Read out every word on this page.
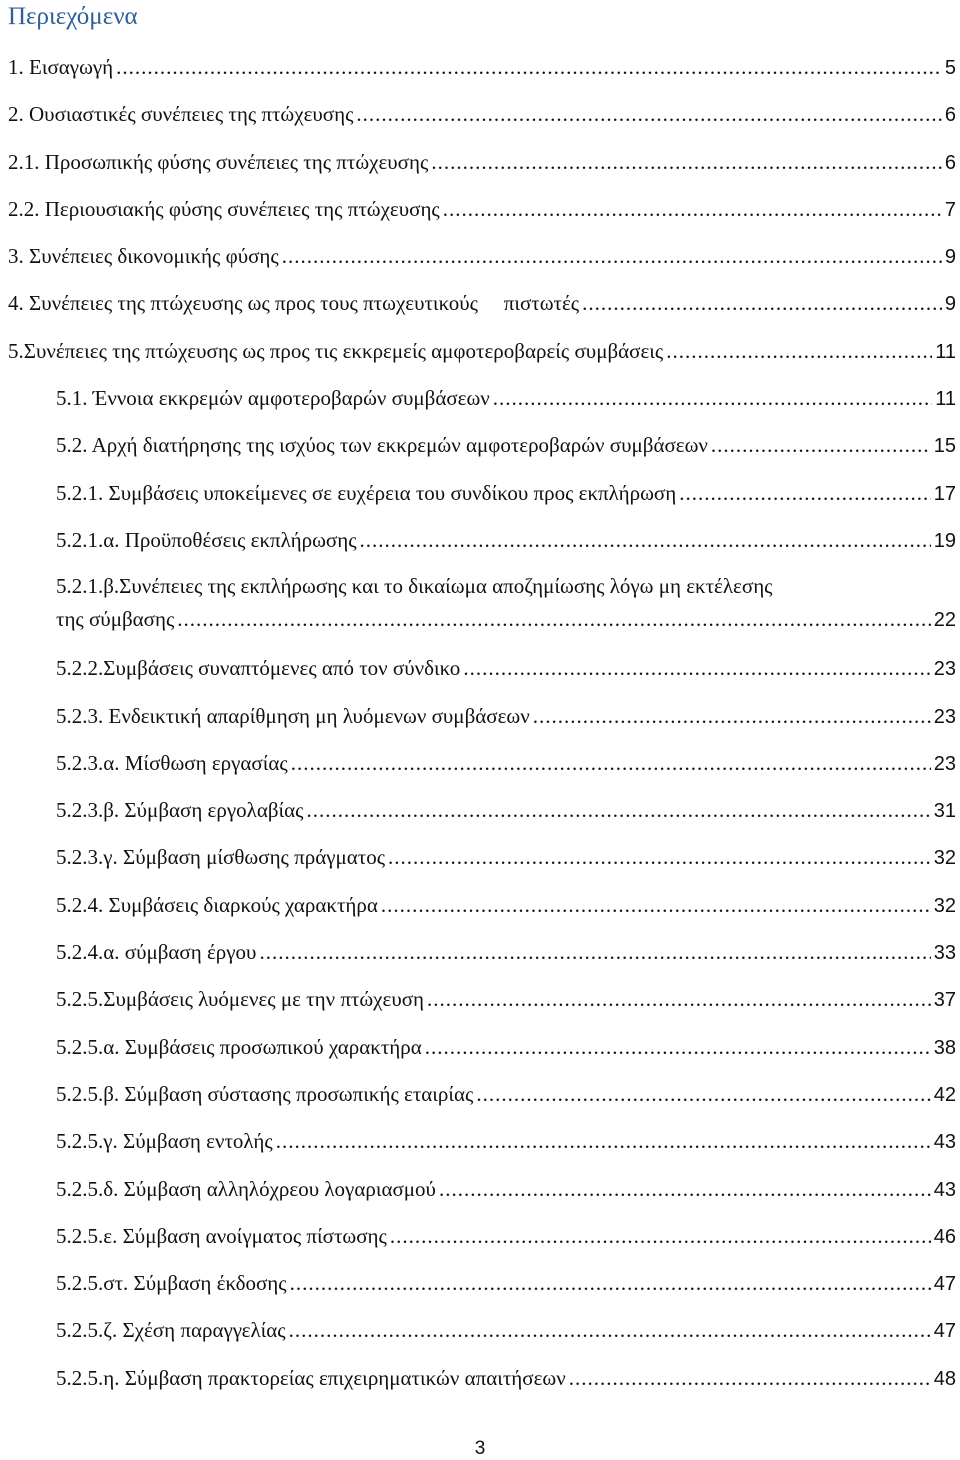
Περιεχόμενα
1. Εισαγωγή .....	5
2. Ουσιαστικές συνέπειες της πτώχευσης .....	6
2.1. Προσωπικής φύσης συνέπειες της πτώχευσης .....	6
2.2. Περιουσιακής φύσης συνέπειες της πτώχευσης .....	7
3. Συνέπειες δικονομικής φύσης .....	9
4. Συνέπειες της πτώχευσης ως προς τους πτωχευτικούς πιστωτές .....	9
5.Συνέπειες της πτώχευσης ως προς τις εκκρεμείς αμφοτεροβαρείς συμβάσεις .....	11
5.1. Έννοια εκκρεμών αμφοτεροβαρών συμβάσεων .....	11
5.2. Αρχή διατήρησης της ισχύος των εκκρεμών αμφοτεροβαρών συμβάσεων .....	15
5.2.1. Συμβάσεις υποκείμενες σε ευχέρεια του συνδίκου προς εκπλήρωση .....	17
5.2.1.α. Προϋποθέσεις εκπλήρωσης .....	19
5.2.1.β.Συνέπειες της εκπλήρωσης και το δικαίωμα αποζημίωσης λόγω μη εκτέλεσης
της σύμβασης .....	22
5.2.2.Συμβάσεις συναπτόμενες από τον σύνδικο .....	23
5.2.3. Ενδεικτική απαρίθμηση μη λυόμενων συμβάσεων .....	23
5.2.3.α. Μίσθωση εργασίας .....	23
5.2.3.β. Σύμβαση εργολαβίας .....	31
5.2.3.γ. Σύμβαση μίσθωσης πράγματος .....	32
5.2.4. Συμβάσεις διαρκούς χαρακτήρα .....	32
5.2.4.α. σύμβαση έργου .....	33
5.2.5.Συμβάσεις λυόμενες με την πτώχευση .....	37
5.2.5.α. Συμβάσεις προσωπικού χαρακτήρα .....	38
5.2.5.β. Σύμβαση σύστασης προσωπικής εταιρίας .....	42
5.2.5.γ. Σύμβαση εντολής .....	43
5.2.5.δ. Σύμβαση αλληλόχρεου λογαριασμού .....	43
5.2.5.ε. Σύμβαση ανοίγματος πίστωσης .....	46
5.2.5.στ. Σύμβαση έκδοσης .....	47
5.2.5.ζ. Σχέση παραγγελίας .....	47
5.2.5.η. Σύμβαση πρακτορείας επιχειρηματικών απαιτήσεων .....	48
3
